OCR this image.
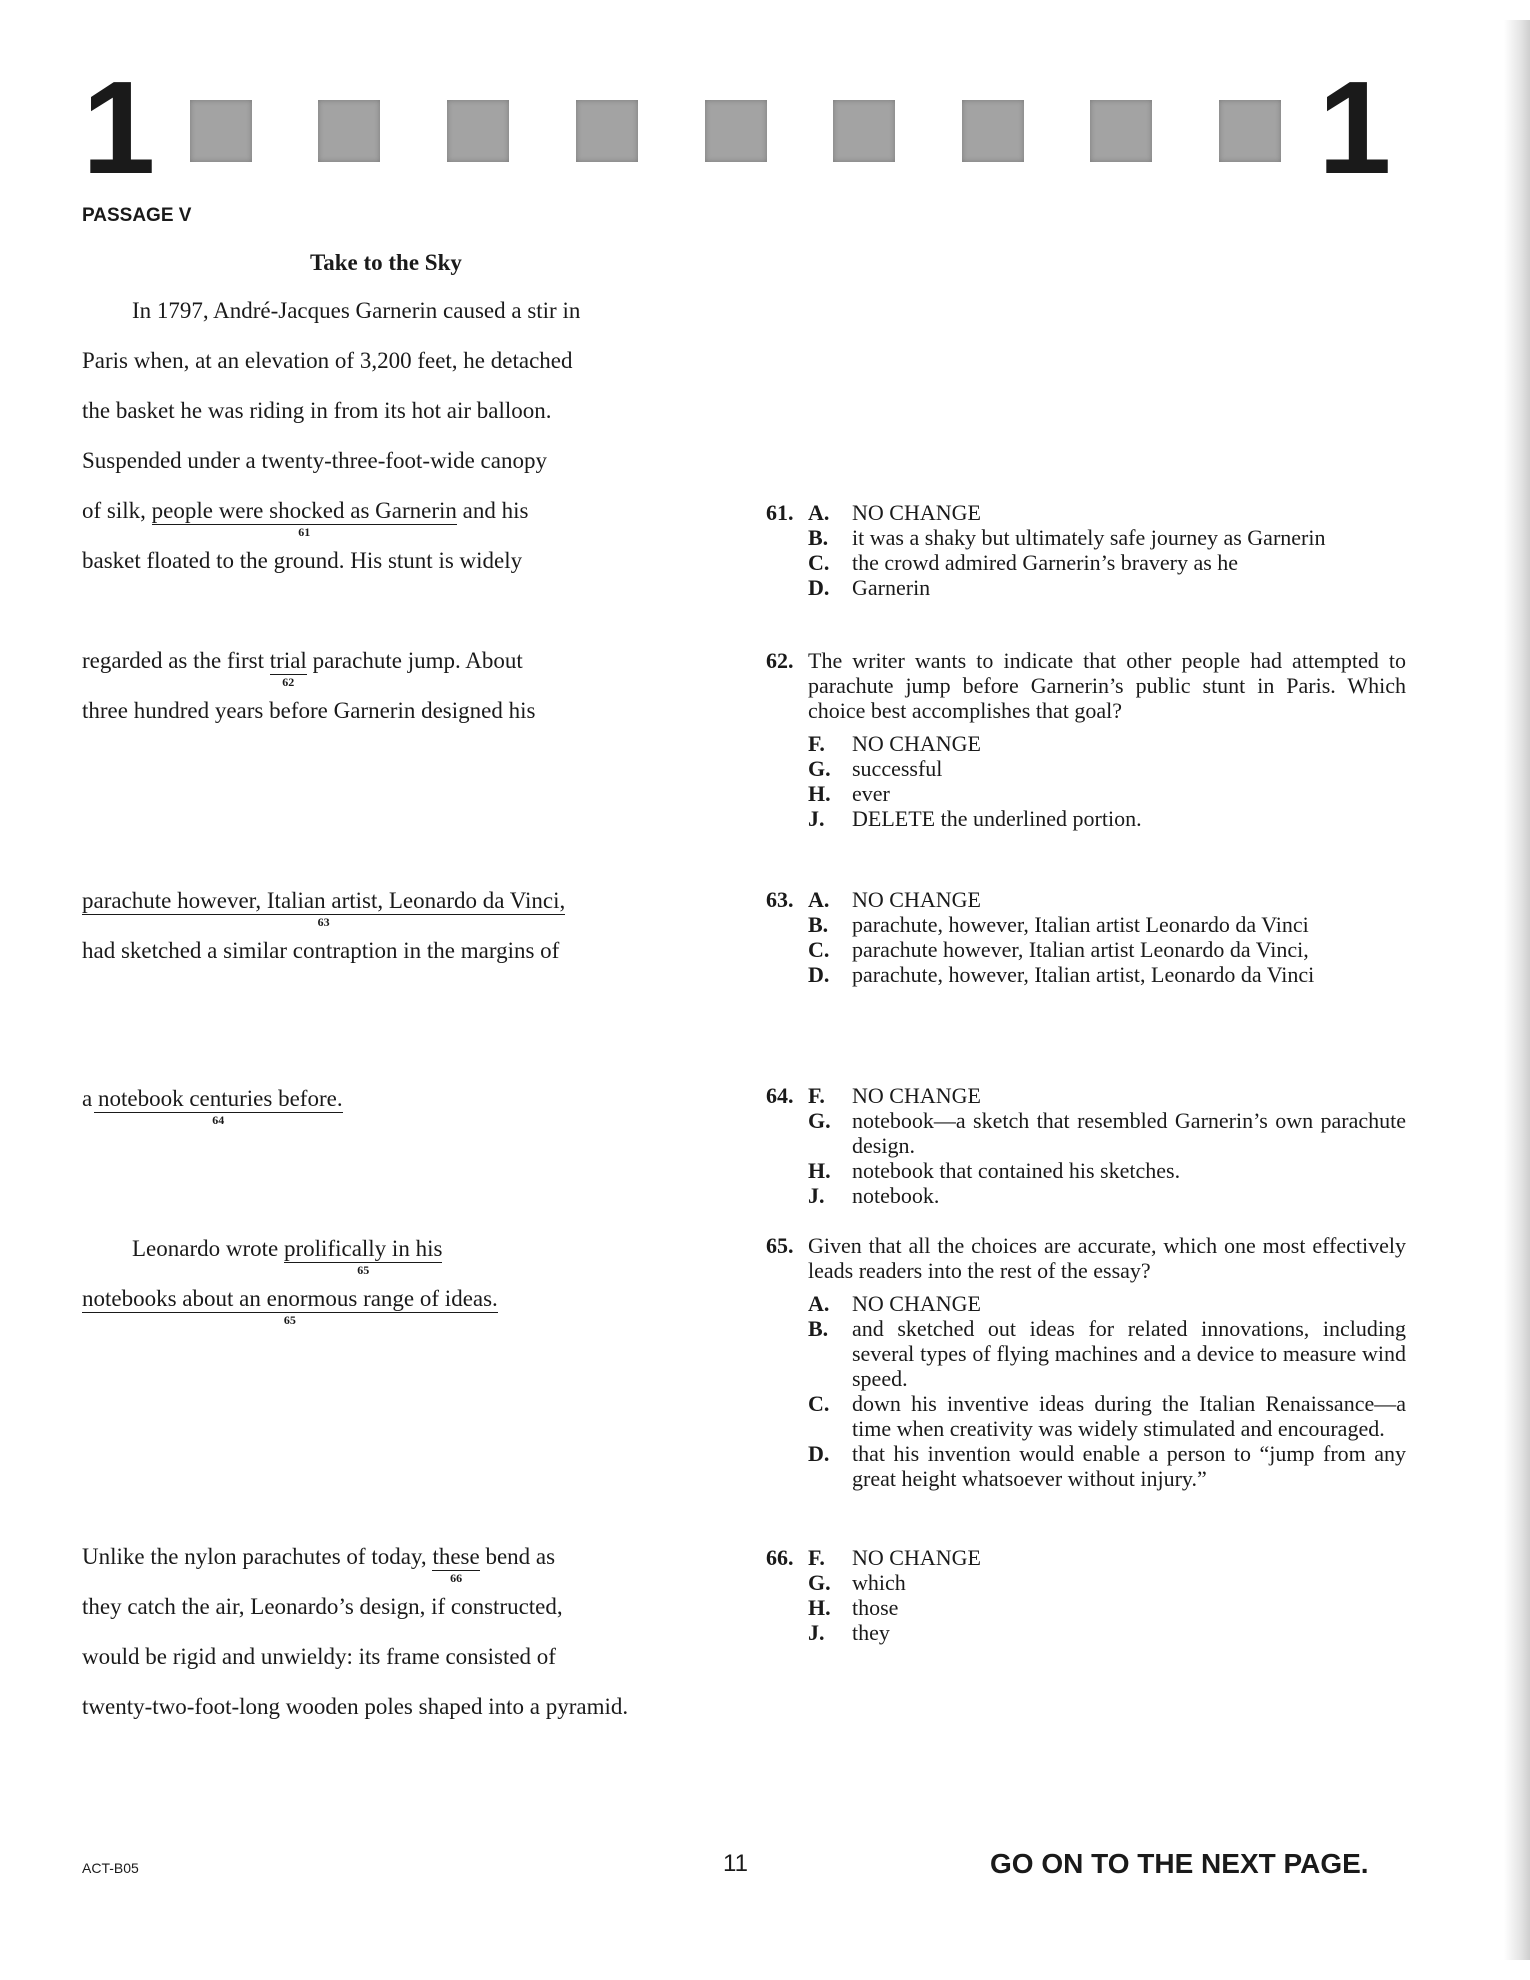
1	1
PASSAGE V
Take to the Sky
In 1797, André-Jacques Garnerin caused a stir in
Paris when, at an elevation of 3,200 feet, he detached
the basket he was riding in from its hot air balloon.
Suspended under a twenty-three-foot-wide canopy
of silk, people were shocked as Garnerin
61
and his
basket floated to the ground. His stunt is widely
regarded as the first trial
62
parachute jump. About
three hundred years before Garnerin designed his
parachute however, Italian artist, Leonardo da Vinci,
63
had sketched a similar contraption in the margins of
a notebook centuries before.
64
Leonardo wrote prolifically in his
65
notebooks about an enormous range of ideas.
65
Unlike the nylon parachutes of today, these
66
bend as
they catch the air, Leonardo’s design, if constructed,
would be rigid and unwieldy: its frame consisted of
twenty-two-foot-long wooden poles shaped into a pyramid.
61. A. NO CHANGE
B. it was a shaky but ultimately safe journey as Garnerin
C. the crowd admired Garnerin’s bravery as he
D. Garnerin
62. The writer wants to indicate that other people had attempted to parachute jump before Garnerin’s public stunt in Paris. Which choice best accomplishes that goal?
F. NO CHANGE
G. successful
H. ever
J. DELETE the underlined portion.
63. A. NO CHANGE
B. parachute, however, Italian artist Leonardo da Vinci
C. parachute however, Italian artist Leonardo da Vinci,
D. parachute, however, Italian artist, Leonardo da Vinci
64. F. NO CHANGE
G. notebook—a sketch that resembled Garnerin’s own parachute design.
H. notebook that contained his sketches.
J. notebook.
65. Given that all the choices are accurate, which one most effectively leads readers into the rest of the essay?
A. NO CHANGE
B. and sketched out ideas for related innovations, including several types of flying machines and a device to measure wind speed.
C. down his inventive ideas during the Italian Renaissance—a time when creativity was widely stimulated and encouraged.
D. that his invention would enable a person to “jump from any great height whatsoever without injury.”
66. F. NO CHANGE
G. which
H. those
J. they
ACT-B05	11	GO ON TO THE NEXT PAGE.
